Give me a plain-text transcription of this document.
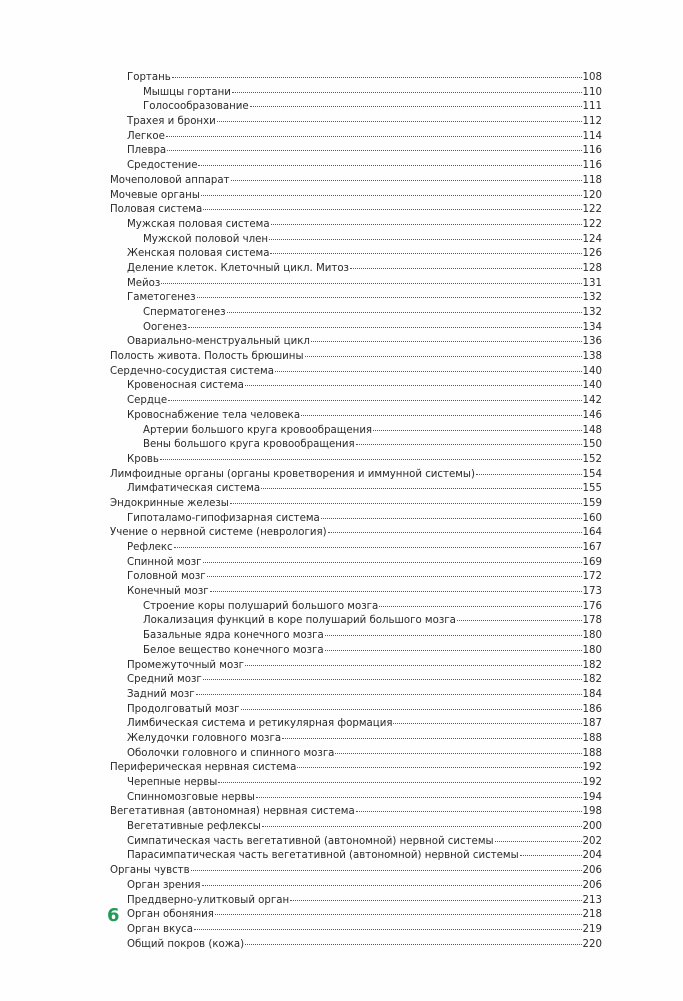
Гортань	108
Мышцы гортани	110
Голосообразование	111
Трахея и бронхи	112
Легкое	114
Плевра	116
Средостение	116
Мочеполовой аппарат	118
Мочевые органы	120
Половая система	122
Мужская половая система	122
Мужской половой член	124
Женская половая система	126
Деление клеток. Клеточный цикл. Митоз	128
Мейоз	131
Гаметогенез	132
Сперматогенез	132
Оогенез	134
Овариально-менструальный цикл	136
Полость живота. Полость брюшины	138
Сердечно-сосудистая система	140
Кровеносная система	140
Сердце	142
Кровоснабжение тела человека	146
Артерии большого круга кровообращения	148
Вены большого круга кровообращения	150
Кровь	152
Лимфоидные органы (органы кроветворения и иммунной системы)	154
Лимфатическая система	155
Эндокринные железы	159
Гипоталамо-гипофизарная система	160
Учение о нервной системе (неврология)	164
Рефлекс	167
Спинной мозг	169
Головной мозг	172
Конечный мозг	173
Строение коры полушарий большого мозга	176
Локализация функций в коре полушарий большого мозга	178
Базальные ядра конечного мозга	180
Белое вещество конечного мозга	180
Промежуточный мозг	182
Средний мозг	182
Задний мозг	184
Продолговатый мозг	186
Лимбическая система и ретикулярная формация	187
Желудочки головного мозга	188
Оболочки головного и спинного мозга	188
Периферическая нервная система	192
Черепные нервы	192
Спинномозговые нервы	194
Вегетативная (автономная) нервная система	198
Вегетативные рефлексы	200
Симпатическая часть вегетативной (автономной) нервной системы	202
Парасимпатическая часть вегетативной (автономной) нервной системы	204
Органы чувств	206
Орган зрения	206
Преддверно-улитковый орган	213
Орган обоняния	218
Орган вкуса	219
Общий покров (кожа)	220
6
